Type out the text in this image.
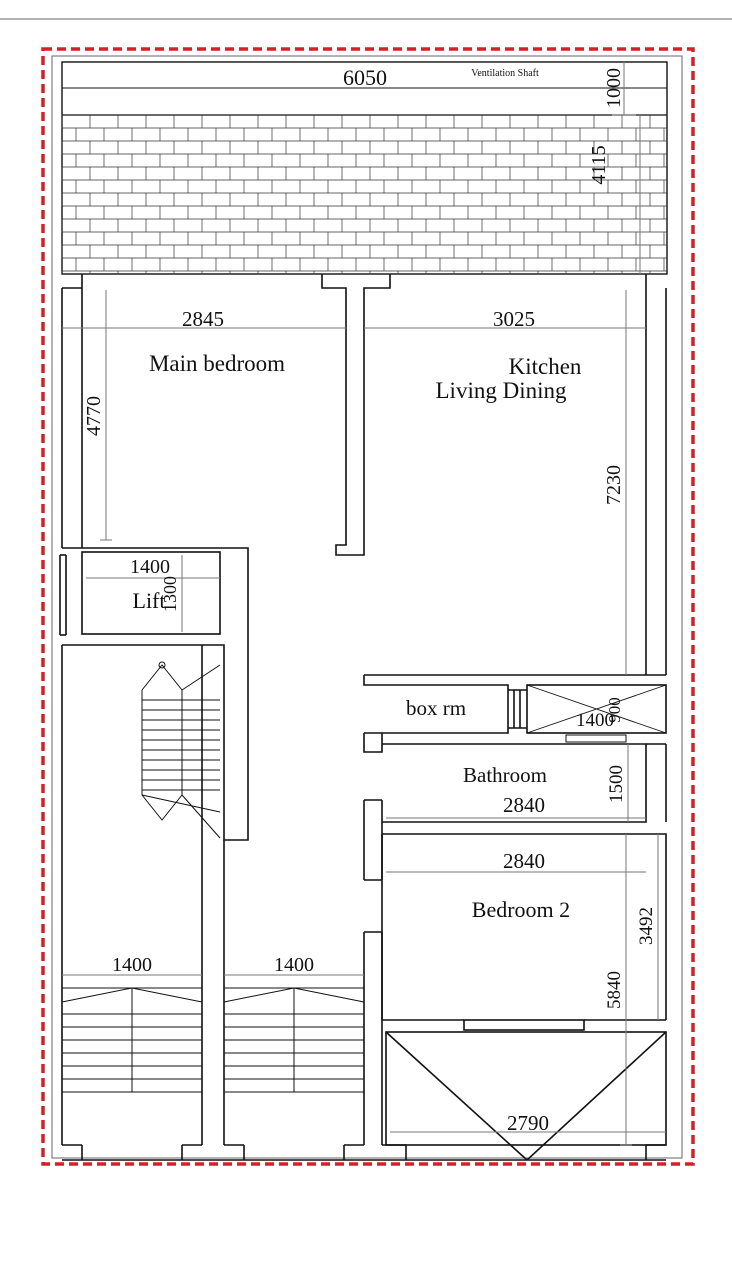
6050	Ventilation Shaft	1000
4115
Main bedroom	Kitchen
Living Dining
Lift
box rm
Bathroom
Bedroom 2
2845	3025
4770
7230
1400
1300
1400
900
2840
1500
2840
3492
5840
1400	1400
2790
